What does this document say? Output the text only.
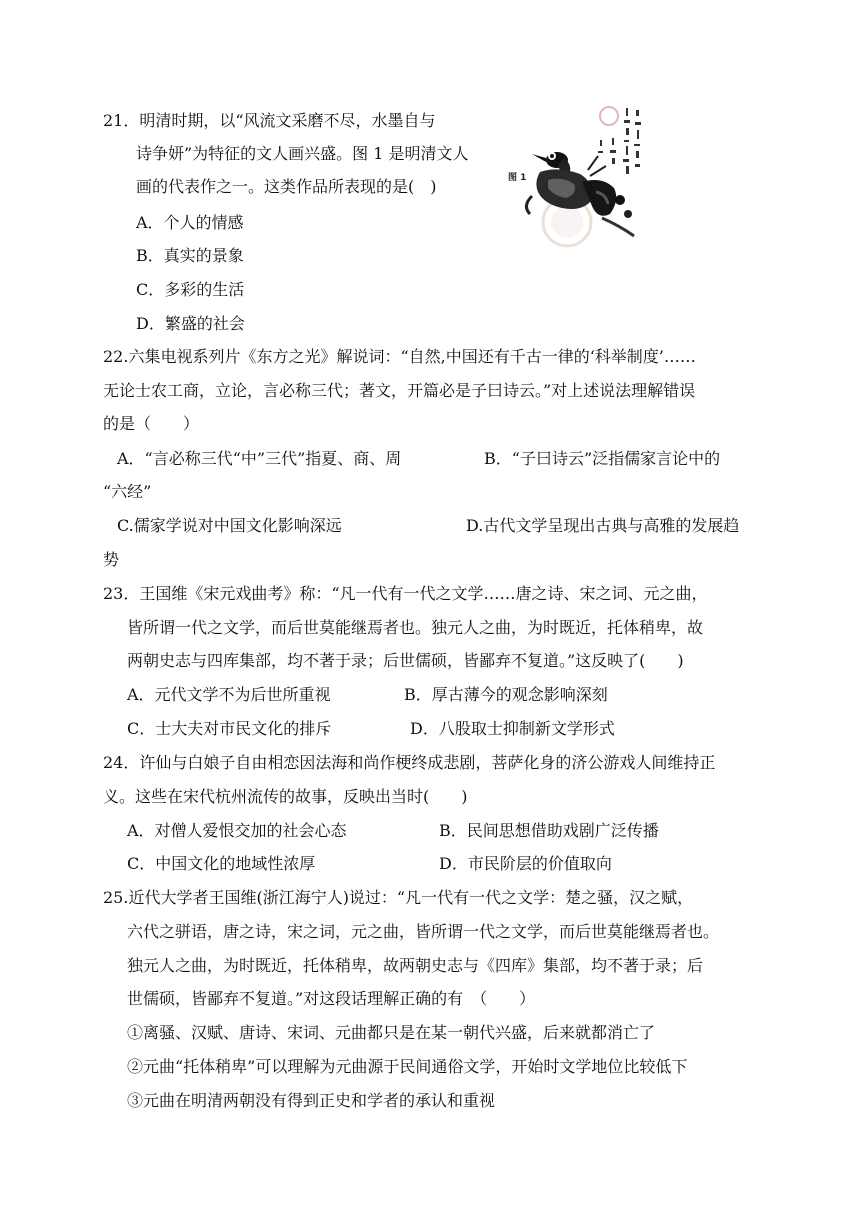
21．明清时期，以“风流文采磨不尽，水墨自与
诗争妍”为特征的文人画兴盛。图 1 是明清文人
画的代表作之一。这类作品所表现的是(　)
A．个人的情感
B．真实的景象
C．多彩的生活
D．繁盛的社会
图 1
22.六集电视系列片《东方之光》解说词：“自然,中国还有千古一律的‘科举制度’……
无论士农工商，立论，言必称三代；著文，开篇必是子曰诗云。”对上述说法理解错误
的是（　　）
A．“言必称三代“中”三代”指夏、商、周	B．“子曰诗云”泛指儒家言论中的
“六经”
C.儒家学说对中国文化影响深远	D.古代文学呈现出古典与高雅的发展趋
势
23．王国维《宋元戏曲考》称：“凡一代有一代之文学……唐之诗、宋之词、元之曲，
皆所谓一代之文学，而后世莫能继焉者也。独元人之曲，为时既近，托体稍卑，故
两朝史志与四库集部，均不著于录；后世儒硕，皆鄙弃不复道。”这反映了(　　)
A．元代文学不为后世所重视	B．厚古薄今的观念影响深刻
C．士大夫对市民文化的排斥	D．八股取士抑制新文学形式
24．许仙与白娘子自由相恋因法海和尚作梗终成悲剧，菩萨化身的济公游戏人间维持正
义。这些在宋代杭州流传的故事，反映出当时(　　)
A．对僧人爱恨交加的社会心态	B．民间思想借助戏剧广泛传播
C．中国文化的地域性浓厚	D．市民阶层的价值取向
25.近代大学者王国维(浙江海宁人)说过：“凡一代有一代之文学：楚之骚，汉之赋，
六代之骈语，唐之诗，宋之词，元之曲，皆所谓一代之文学，而后世莫能继焉者也。
独元人之曲，为时既近，托体稍卑，故两朝史志与《四库》集部，均不著于录；后
世儒硕，皆鄙弃不复道。”对这段话理解正确的有　（　　）
①离骚、汉赋、唐诗、宋词、元曲都只是在某一朝代兴盛，后来就都消亡了
②元曲“托体稍卑”可以理解为元曲源于民间通俗文学，开始时文学地位比较低下
③元曲在明清两朝没有得到正史和学者的承认和重视
